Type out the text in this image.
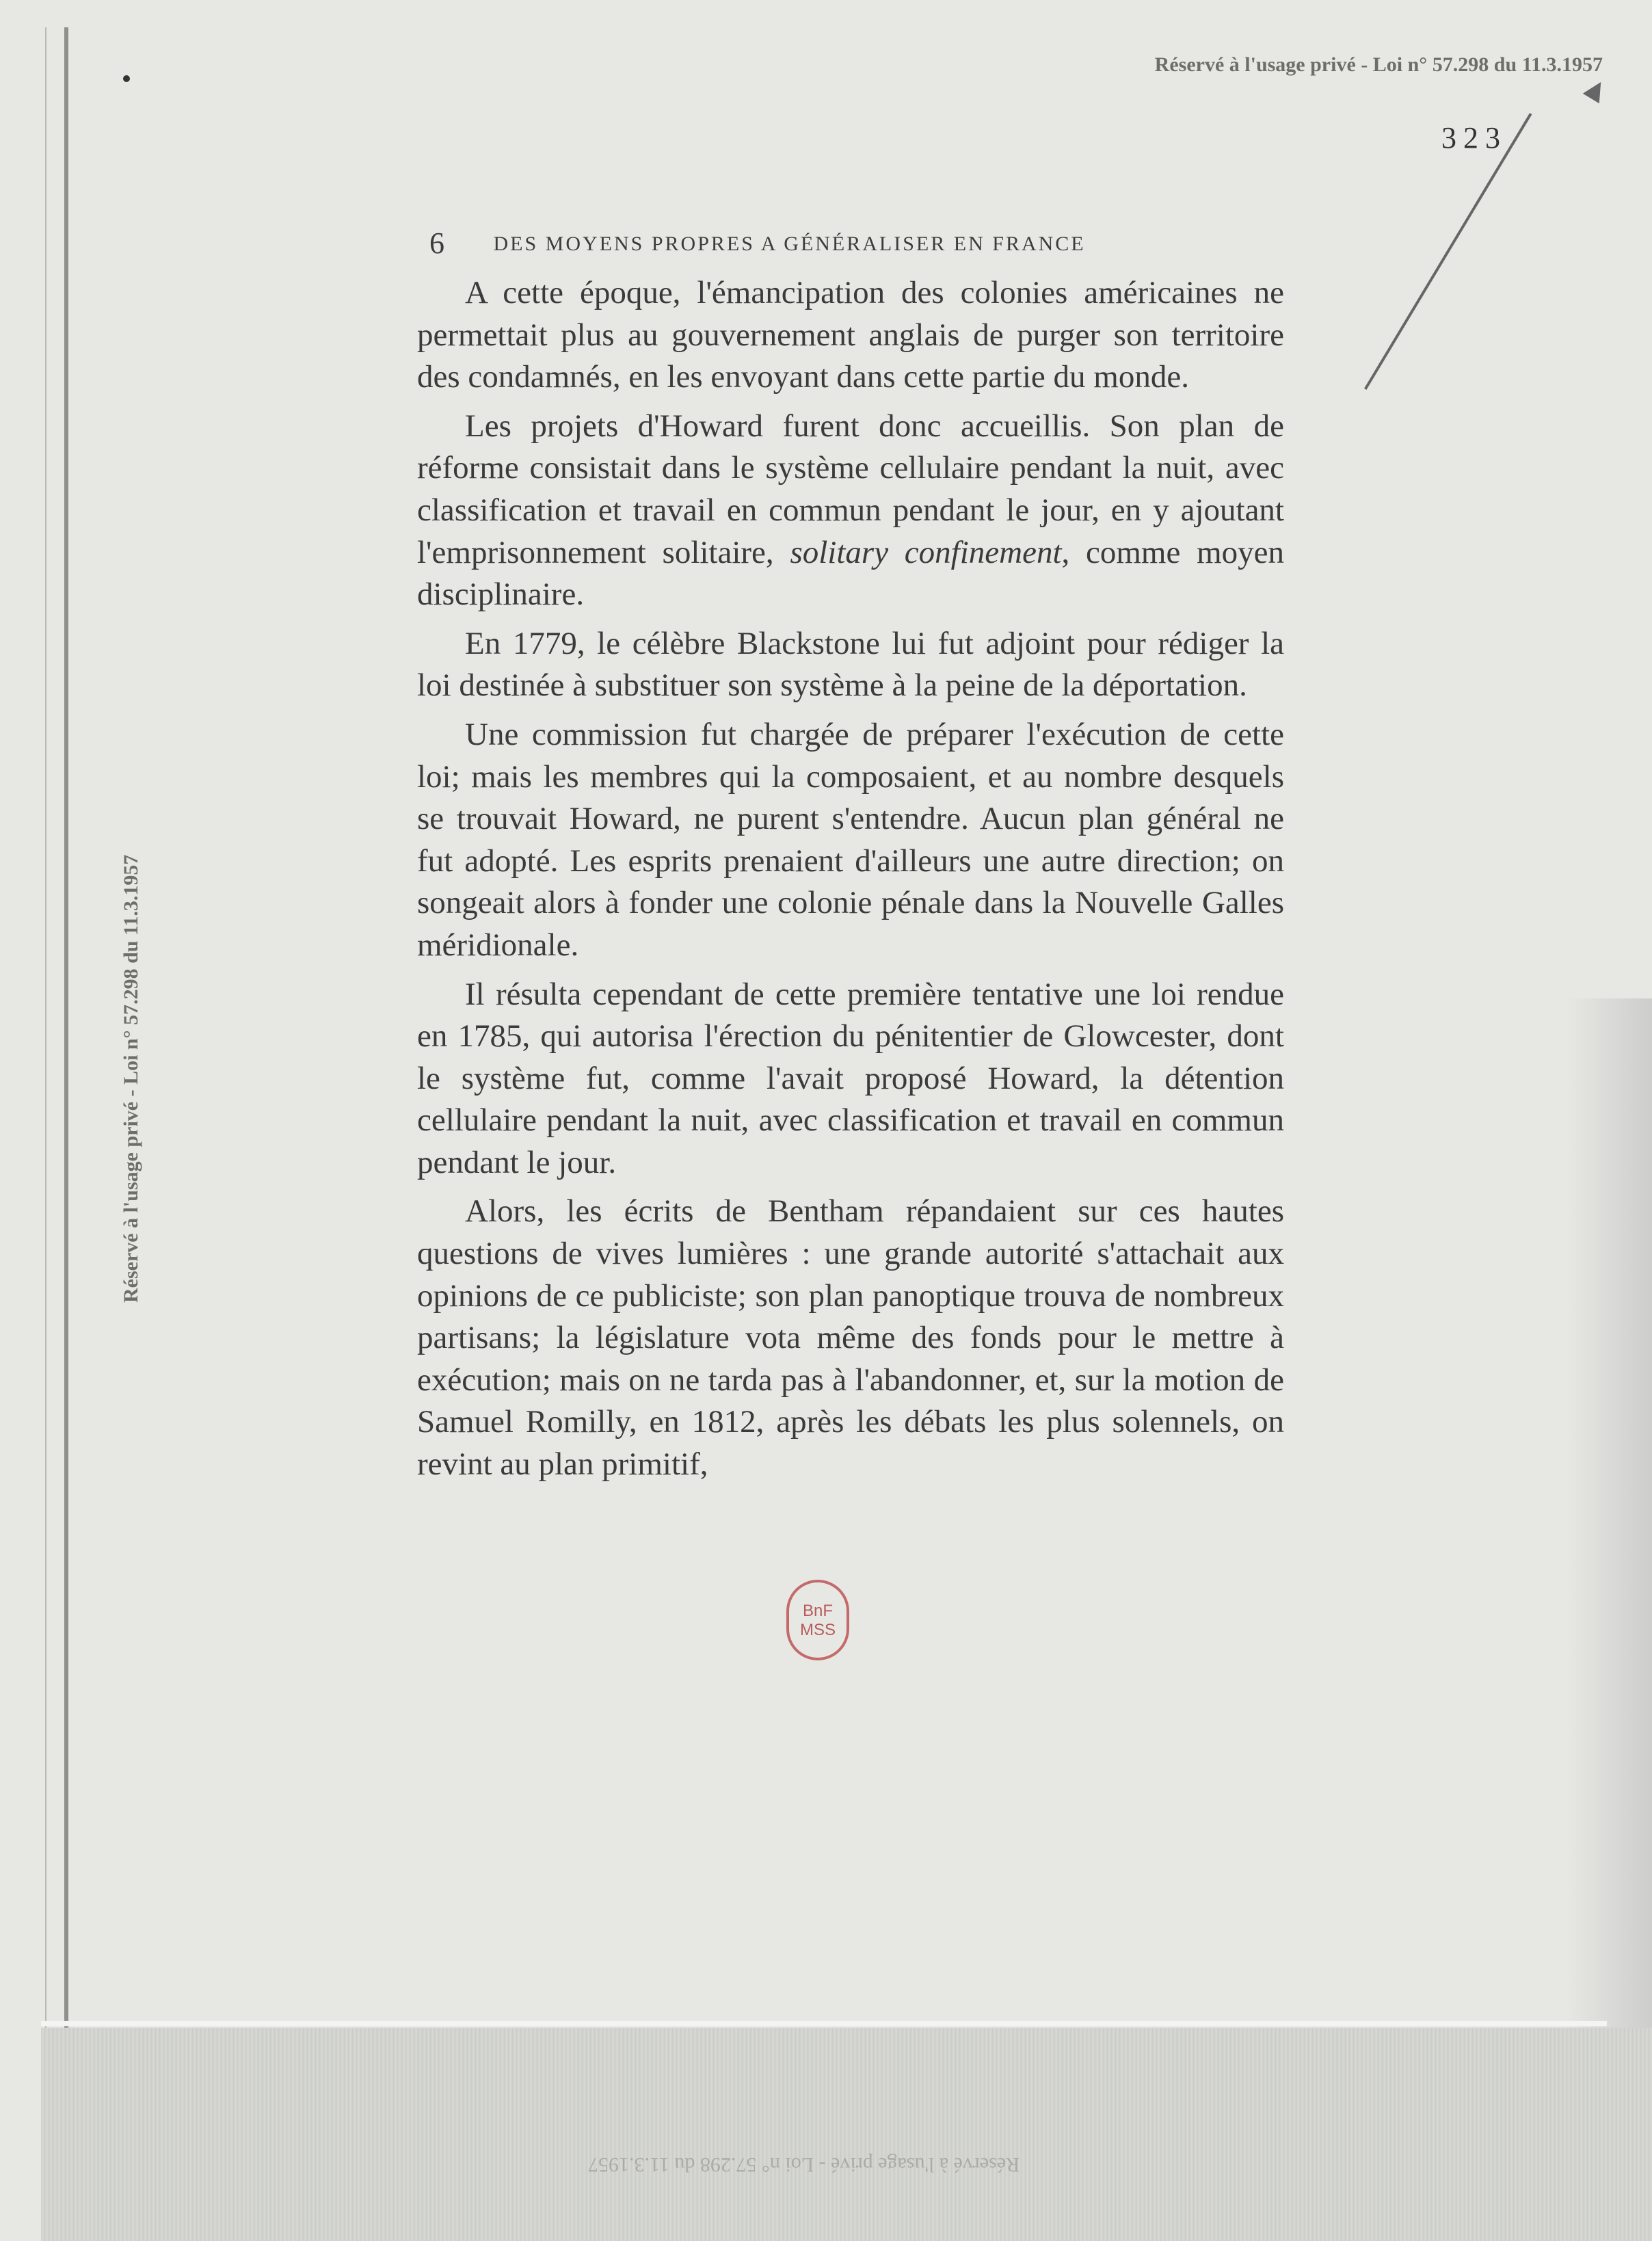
Réservé à l'usage privé - Loi n° 57.298 du 11.3.1957
323
Réservé à l'usage privé - Loi n° 57.298 du 11.3.1957
Réservé à l'usage privé - Loi n° 57.298 du 11.3.1957
6 DES MOYENS PROPRES A GÉNÉRALISER EN FRANCE

A cette époque, l'émancipation des colonies américaines ne permettait plus au gouvernement anglais de purger son territoire des condamnés, en les envoyant dans cette partie du monde.

Les projets d'Howard furent donc accueillis. Son plan de réforme consistait dans le système cellulaire pendant la nuit, avec classification et travail en commun pendant le jour, en y ajoutant l'emprisonnement solitaire, solitary confinement, comme moyen disciplinaire.

En 1779, le célèbre Blackstone lui fut adjoint pour rédiger la loi destinée à substituer son système à la peine de la déportation.

Une commission fut chargée de préparer l'exécution de cette loi; mais les membres qui la composaient, et au nombre desquels se trouvait Howard, ne purent s'entendre. Aucun plan général ne fut adopté. Les esprits prenaient d'ailleurs une autre direction; on songeait alors à fonder une colonie pénale dans la Nouvelle Galles méridionale.

Il résulta cependant de cette première tentative une loi rendue en 1785, qui autorisa l'érection du pénitentier de Glowcester, dont le système fut, comme l'avait proposé Howard, la détention cellulaire pendant la nuit, avec classification et travail en commun pendant le jour.

Alors, les écrits de Bentham répandaient sur ces hautes questions de vives lumières : une grande autorité s'attachait aux opinions de ce publiciste; son plan panoptique trouva de nombreux partisans; la législature vota même des fonds pour le mettre à exécution; mais on ne tarda pas à l'abandonner, et, sur la motion de Samuel Romilly, en 1812, après les débats les plus solennels, on revint au plan primitif,

BnF
MSS
